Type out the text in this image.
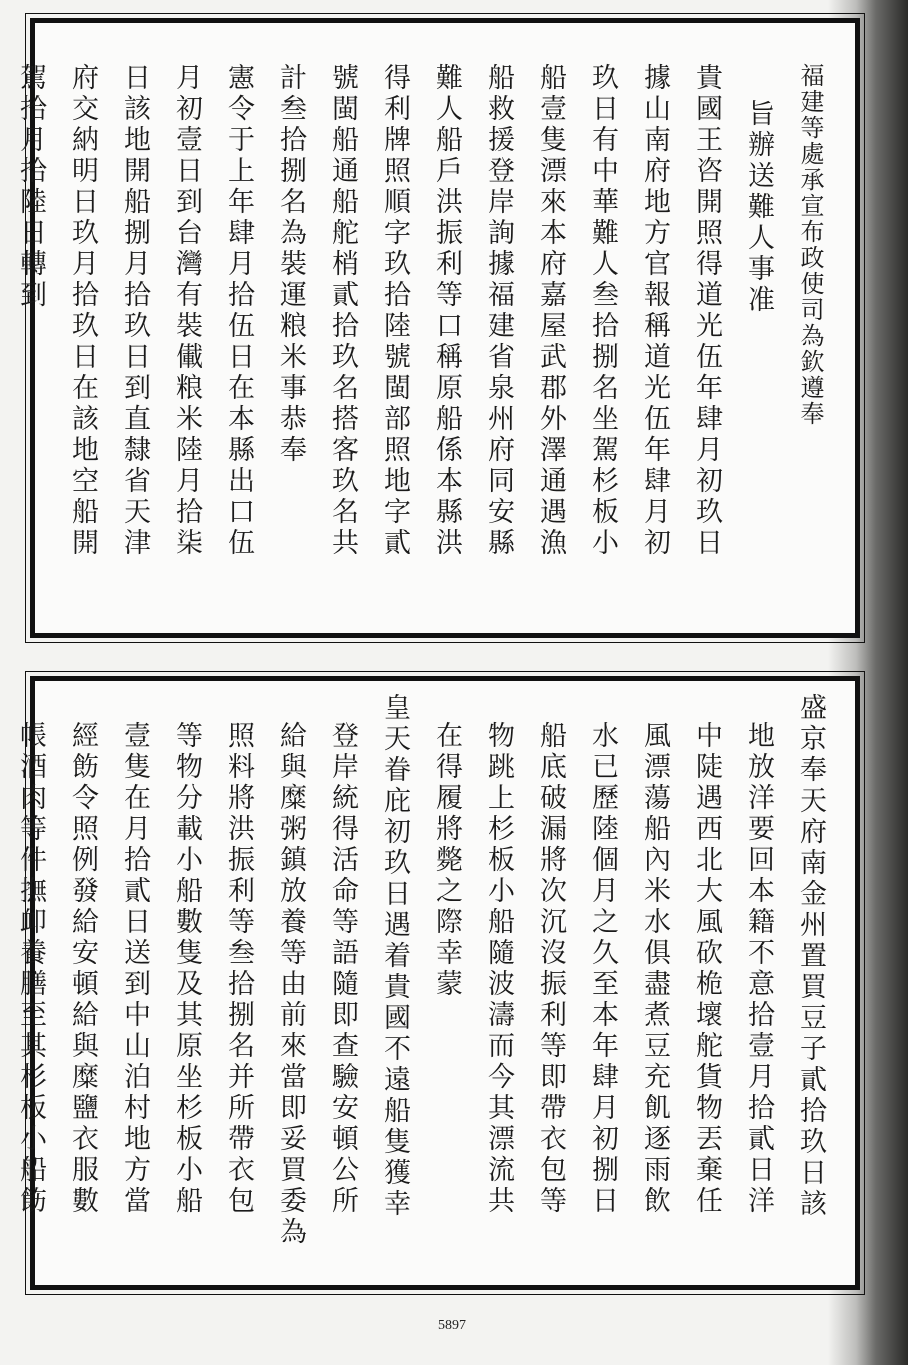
福建等處承宣布政使司為欽遵奉
旨辦送難人事准
貴國王咨開照得道光伍年肆月初玖日
據山南府地方官報稱道光伍年肆月初
玖日有中華難人叁拾捌名坐駕杉板小
船壹隻漂來本府嘉屋武郡外澤通遇漁
船救援登岸詢據福建省泉州府同安縣
難人船戶洪振利等口稱原船係本縣洪
得利牌照順字玖拾陸號閩部照地字貳
號閩船通船舵梢貳拾玖名搭客玖名共
計叁拾捌名為裝運粮米事恭奉
憲令于上年肆月拾伍日在本縣出口伍
月初壹日到台灣有裝儎粮米陸月拾柒
日該地開船捌月拾玖日到直隸省天津
府交納明日玖月拾玖日在該地空船開
駕拾月拾陸日轉到
盛京奉天府南金州置買豆子貳拾玖日該
地放洋要回本籍不意拾壹月拾貳日洋
中陡遇西北大風砍桅壞舵貨物丟棄任
風漂蕩船內米水俱盡煮豆充飢逐雨飲
水已歷陸個月之久至本年肆月初捌日
船底破漏將次沉沒振利等即帶衣包等
物跳上杉板小船隨波濤而今其漂流共
在得履將斃之際幸蒙
皇天眷庇初玖日遇着貴國不遠船隻獲幸
登岸統得活命等語隨即查驗安頓公所
給與糜粥鎮放養等由前來當即妥買委為
照料將洪振利等叁拾捌名并所帶衣包
等物分載小船數隻及其原坐杉板小船
壹隻在月拾貳日送到中山泊村地方當
經飭令照例發給安頓給與糜鹽衣服數
帳酒肉等件撫卹養膳至其杉板小船飭
5897
